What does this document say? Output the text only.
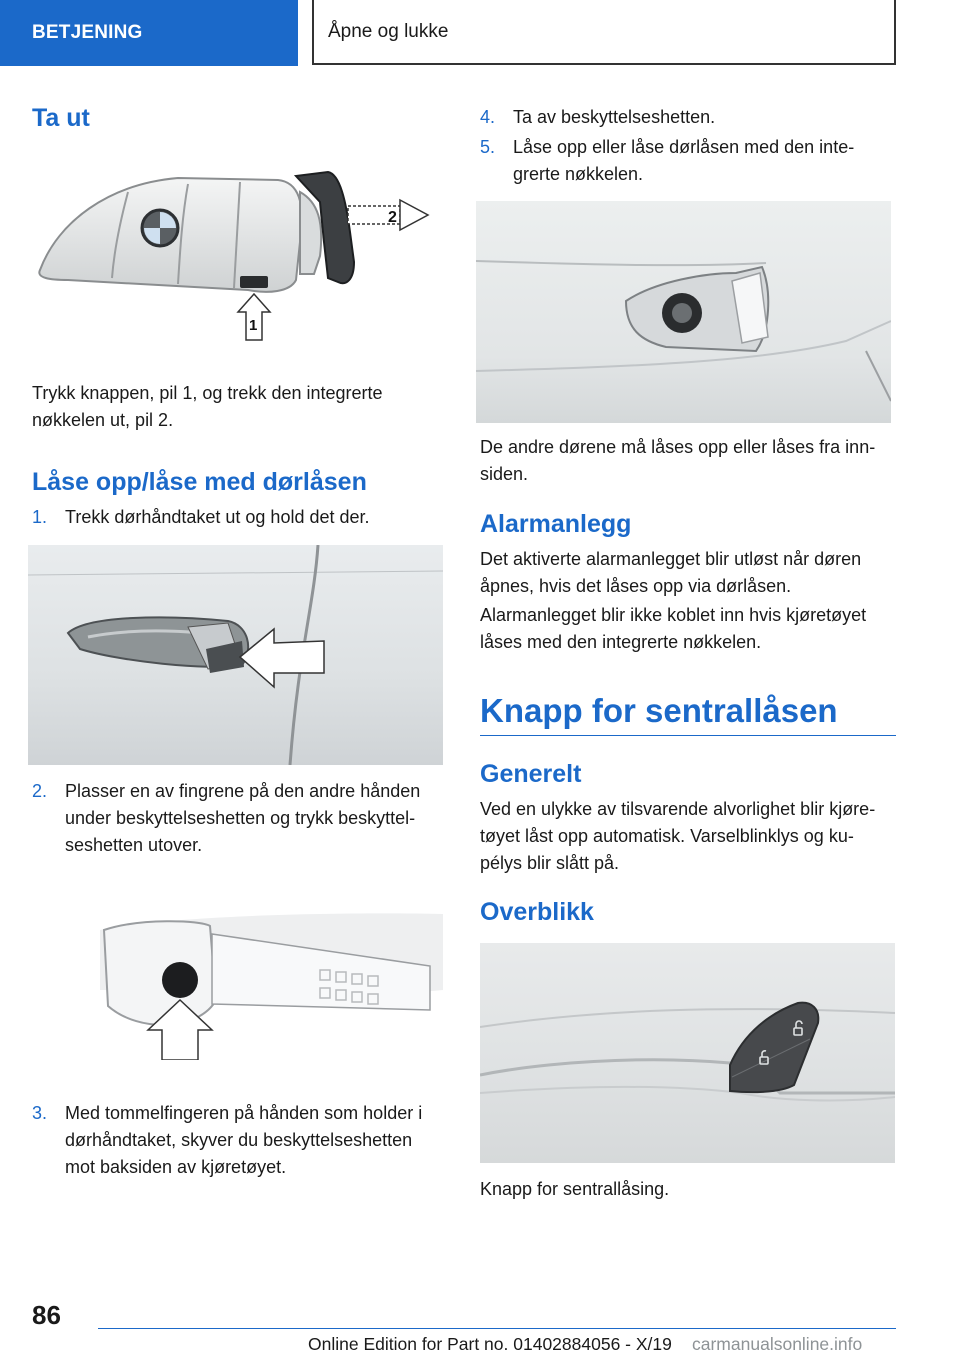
BETJENING	Åpne og lukke
Ta ut
2
1
Trykk knappen, pil 1, og trekk den integrerte
nøkkelen ut, pil 2.
Låse opp/låse med dørlåsen
1. Trekk dørhåndtaket ut og hold det der.
2. Plasser en av fingrene på den andre hånden
under beskyttelseshetten og trykk beskyttel-
seshetten utover.
3. Med tommelfingeren på hånden som holder i
dørhåndtaket, skyver du beskyttelseshetten
mot baksiden av kjøretøyet.
4. Ta av beskyttelseshetten.
5. Låse opp eller låse dørlåsen med den inte-
grerte nøkkelen.
De andre dørene må låses opp eller låses fra inn-
siden.
Alarmanlegg
Det aktiverte alarmanlegget blir utløst når døren
åpnes, hvis det låses opp via dørlåsen.
Alarmanlegget blir ikke koblet inn hvis kjøretøyet
låses med den integrerte nøkkelen.
Knapp for sentrallåsen
Generelt
Ved en ulykke av tilsvarende alvorlighet blir kjøre-
tøyet låst opp automatisk. Varselblinklys og ku-
pélys blir slått på.
Overblikk
Knapp for sentrallåsing.
86
Online Edition for Part no. 01402884056 - X/19	carmanualsonline.info
